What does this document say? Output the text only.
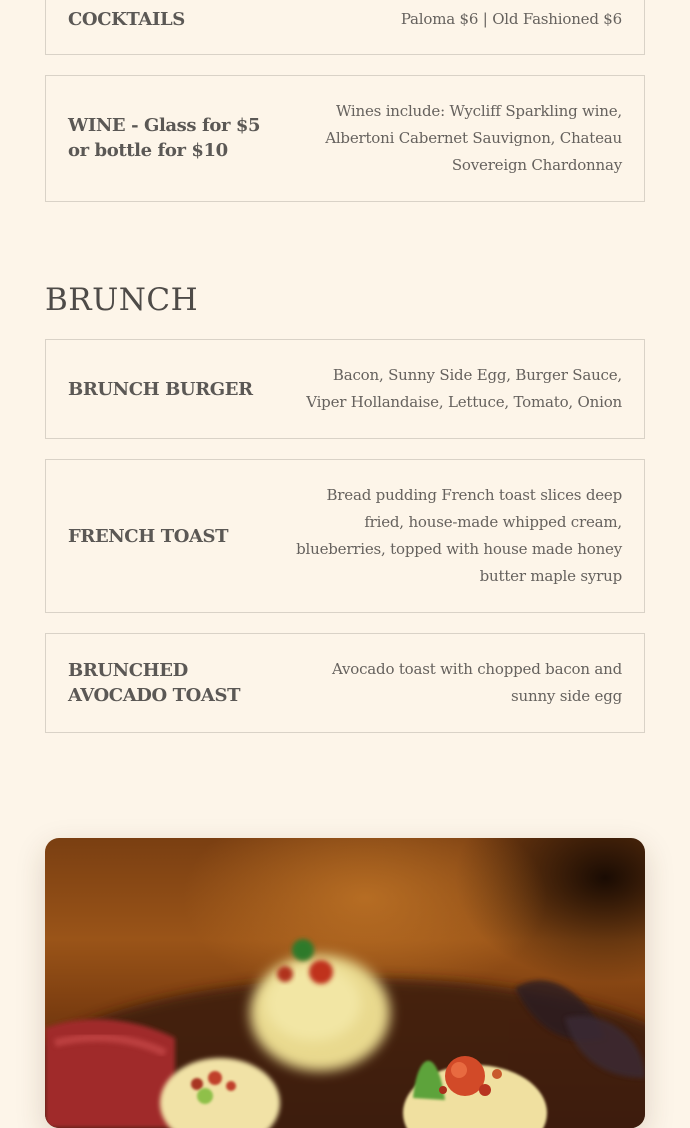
COCKTAILS	Paloma $6 | Old Fashioned $6
WINE - Glass for $5 or bottle for $10
Wines include: Wycliff Sparkling wine, Albertoni Cabernet Sauvignon, Chateau Sovereign Chardonnay
BRUNCH
BRUNCH BURGER
Bacon, Sunny Side Egg, Burger Sauce, Viper Hollandaise, Lettuce, Tomato, Onion
FRENCH TOAST
Bread pudding French toast slices deep fried, house-made whipped cream, blueberries, topped with house made honey butter maple syrup
BRUNCHED AVOCADO TOAST
Avocado toast with chopped bacon and sunny side egg
